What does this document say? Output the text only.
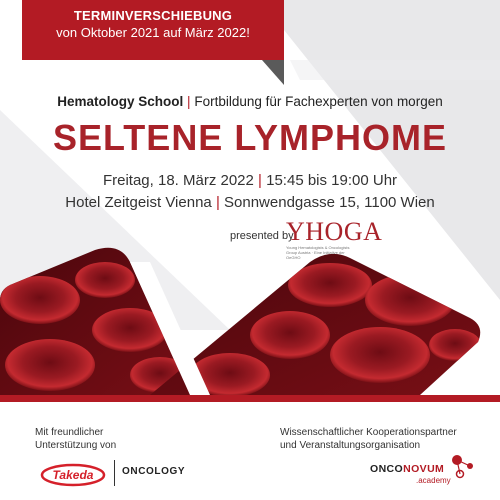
TERMINVERSCHIEBUNG
von Oktober 2021 auf März 2022!
Hematology School | Fortbildung für Fachexperten von morgen
SELTENE LYMPHOME
Freitag, 18. März 2022 | 15:45 bis 19:00 Uhr
Hotel Zeitgeist Vienna | Sonnwendgasse 15, 1100 Wien
presented by
YHOGA
Young Hematologists & Oncologists Group Austria · Eine Initiative der OeGHO
Mit freundlicher
Unterstützung von
Wissenschaftlicher Kooperationspartner
und Veranstaltungsorganisation
Takeda	ONCOLOGY	ONCONOVUM
.academy
